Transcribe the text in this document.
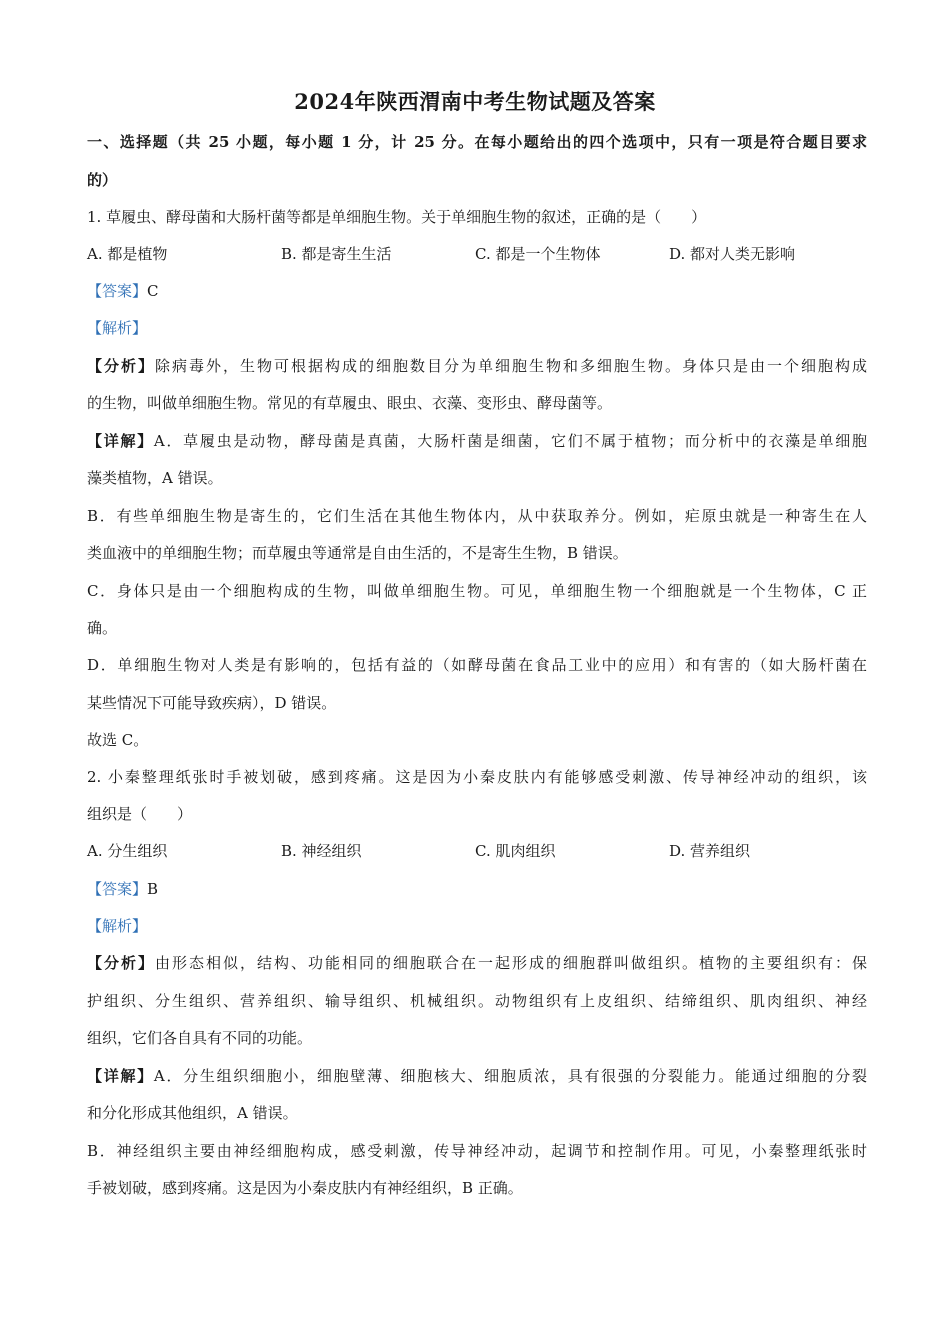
2024年陕西渭南中考生物试题及答案
一、选择题（共 25 小题，每小题 1 分，计 25 分。在每小题给出的四个选项中，只有一项是符合题目要求
的）
1. 草履虫、酵母菌和大肠杆菌等都是单细胞生物。关于单细胞生物的叙述，正确的是（　　）
A. 都是植物	B. 都是寄生生活	C. 都是一个生物体	D. 都对人类无影响
【答案】C
【解析】
【分析】除病毒外，生物可根据构成的细胞数目分为单细胞生物和多细胞生物。身体只是由一个细胞构成
的生物，叫做单细胞生物。常见的有草履虫、眼虫、衣藻、变形虫、酵母菌等。
【详解】A．草履虫是动物，酵母菌是真菌，大肠杆菌是细菌，它们不属于植物；而分析中的衣藻是单细胞
藻类植物，A 错误。
B．有些单细胞生物是寄生的，它们生活在其他生物体内，从中获取养分。例如，疟原虫就是一种寄生在人
类血液中的单细胞生物；而草履虫等通常是自由生活的，不是寄生生物，B 错误。
C．身体只是由一个细胞构成的生物，叫做单细胞生物。可见，单细胞生物一个细胞就是一个生物体，C 正
确。
D．单细胞生物对人类是有影响的，包括有益的（如酵母菌在食品工业中的应用）和有害的（如大肠杆菌在
某些情况下可能导致疾病），D 错误。
故选 C。
2. 小秦整理纸张时手被划破，感到疼痛。这是因为小秦皮肤内有能够感受刺激、传导神经冲动的组织，该
组织是（　　）
A. 分生组织	B. 神经组织	C. 肌肉组织	D. 营养组织
【答案】B
【解析】
【分析】由形态相似，结构、功能相同的细胞联合在一起形成的细胞群叫做组织。植物的主要组织有：保
护组织、分生组织、营养组织、输导组织、机械组织。动物组织有上皮组织、结缔组织、肌肉组织、神经
组织，它们各自具有不同的功能。
【详解】A．分生组织细胞小，细胞壁薄、细胞核大、细胞质浓，具有很强的分裂能力。能通过细胞的分裂
和分化形成其他组织，A 错误。
B．神经组织主要由神经细胞构成，感受刺激，传导神经冲动，起调节和控制作用。可见，小秦整理纸张时
手被划破，感到疼痛。这是因为小秦皮肤内有神经组织，B 正确。
